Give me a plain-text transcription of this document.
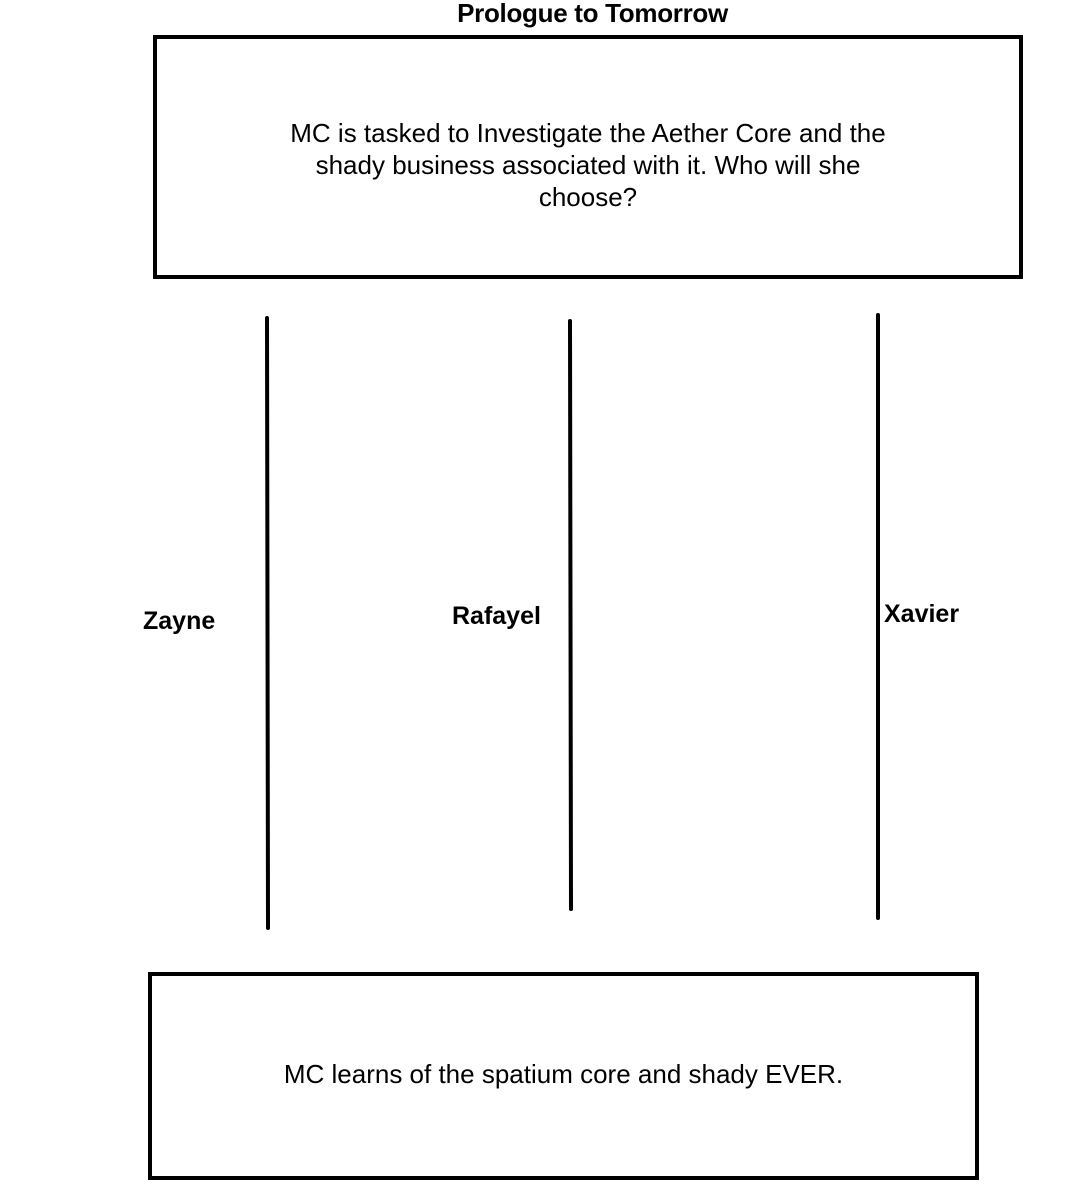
Prologue to Tomorrow
MC is tasked to Investigate the Aether Core and the shady business associated with it. Who will she choose?
Zayne	Rafayel	Xavier
MC learns of the spatium core and shady EVER.
